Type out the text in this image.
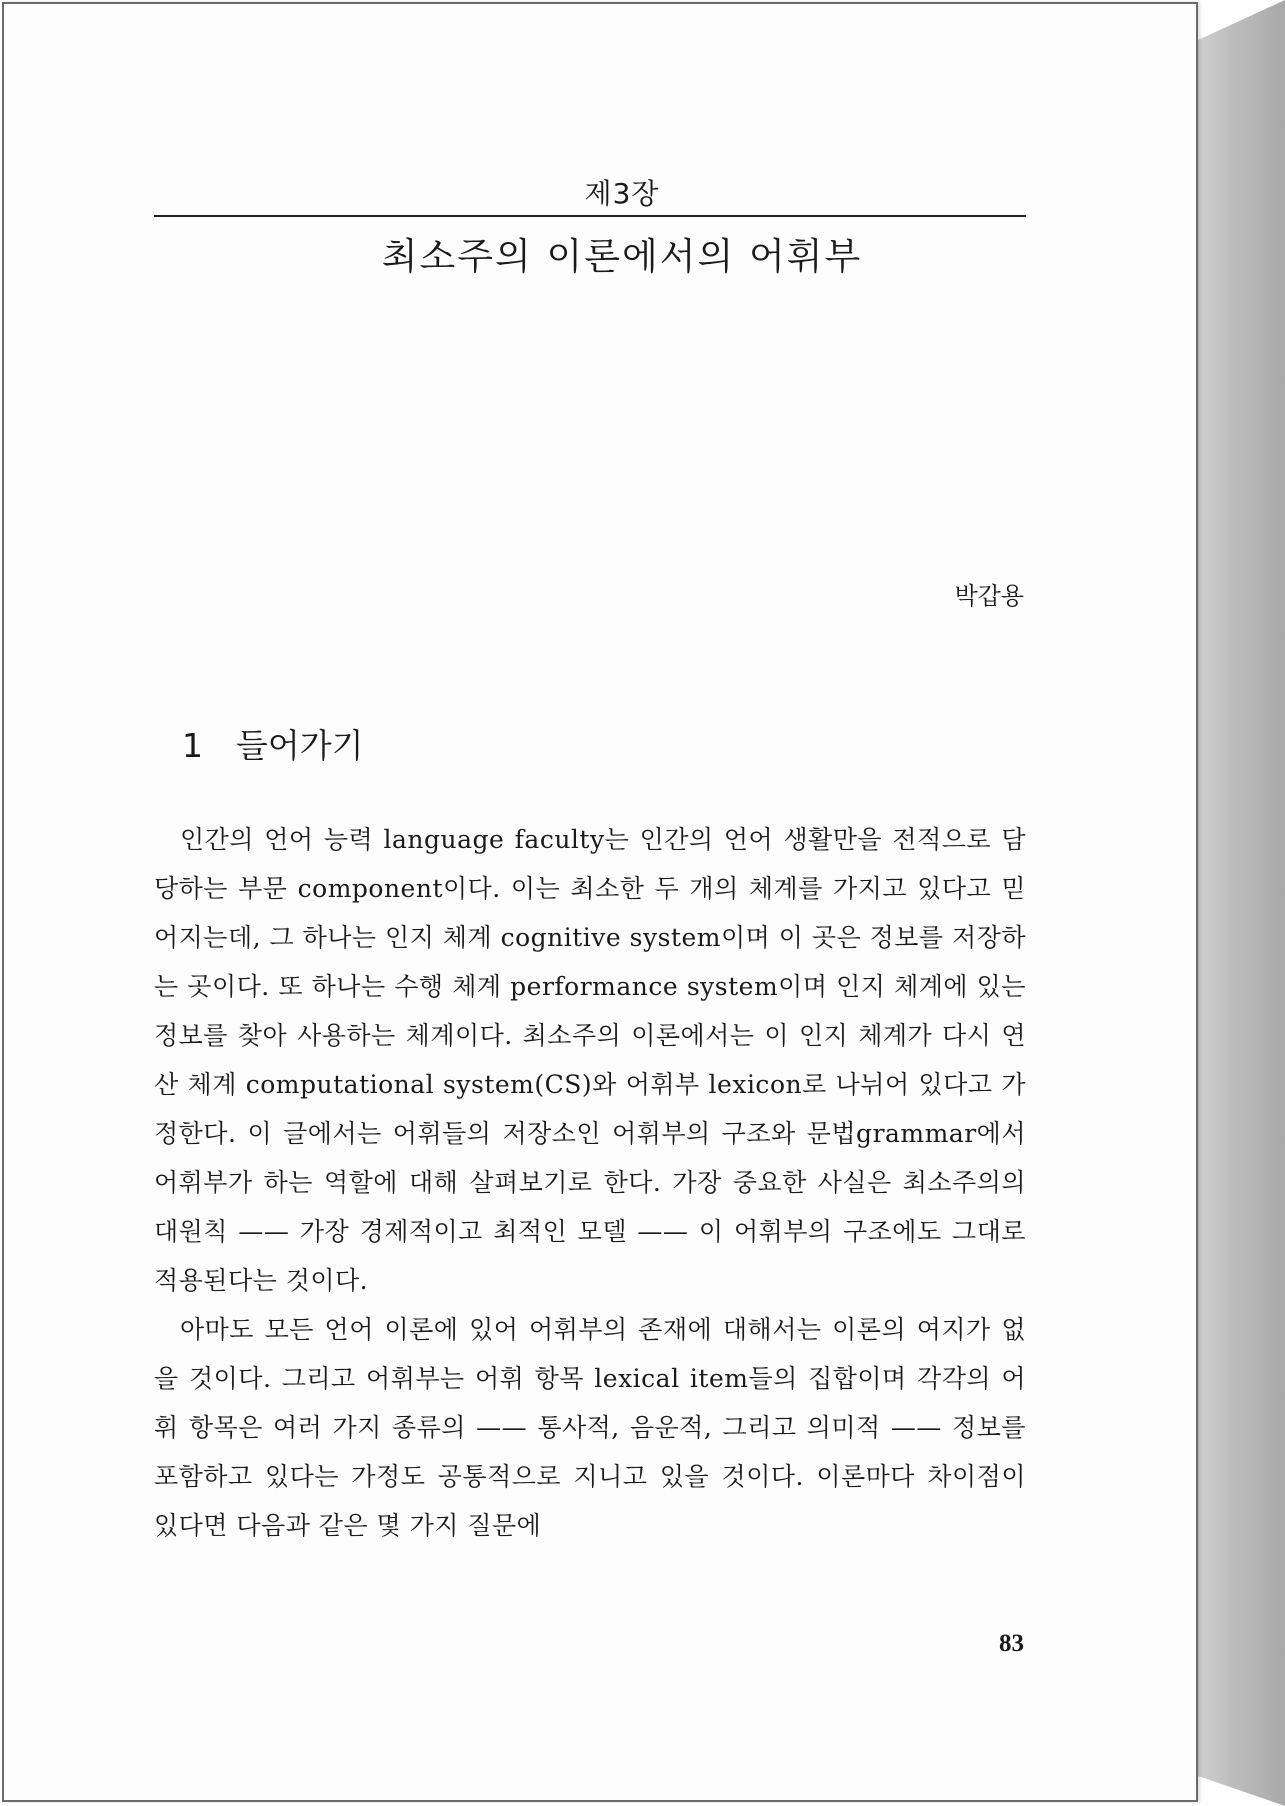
제3장
최소주의 이론에서의 어휘부
박갑용
1 들어가기

인간의 언어 능력 language faculty는 인간의 언어 생활만을 전적으로 담당하는 부문 component이다. 이는 최소한 두 개의 체계를 가지고 있다고 믿어지는데, 그 하나는 인지 체계 cognitive system이며 이 곳은 정보를 저장하는 곳이다. 또 하나는 수행 체계 performance system이며 인지 체계에 있는 정보를 찾아 사용하는 체계이다. 최소주의 이론에서는 이 인지 체계가 다시 연산 체계 computational system(CS)와 어휘부 lexicon로 나뉘어 있다고 가정한다. 이 글에서는 어휘들의 저장소인 어휘부의 구조와 문법grammar에서 어휘부가 하는 역할에 대해 살펴보기로 한다. 가장 중요한 사실은 최소주의의 대원칙 —— 가장 경제적이고 최적인 모델 —— 이 어휘부의 구조에도 그대로 적용된다는 것이다.

아마도 모든 언어 이론에 있어 어휘부의 존재에 대해서는 이론의 여지가 없을 것이다. 그리고 어휘부는 어휘 항목 lexical item들의 집합이며 각각의 어휘 항목은 여러 가지 종류의 —— 통사적, 음운적, 그리고 의미적 —— 정보를 포함하고 있다는 가정도 공통적으로 지니고 있을 것이다. 이론마다 차이점이 있다면 다음과 같은 몇 가지 질문에

83
